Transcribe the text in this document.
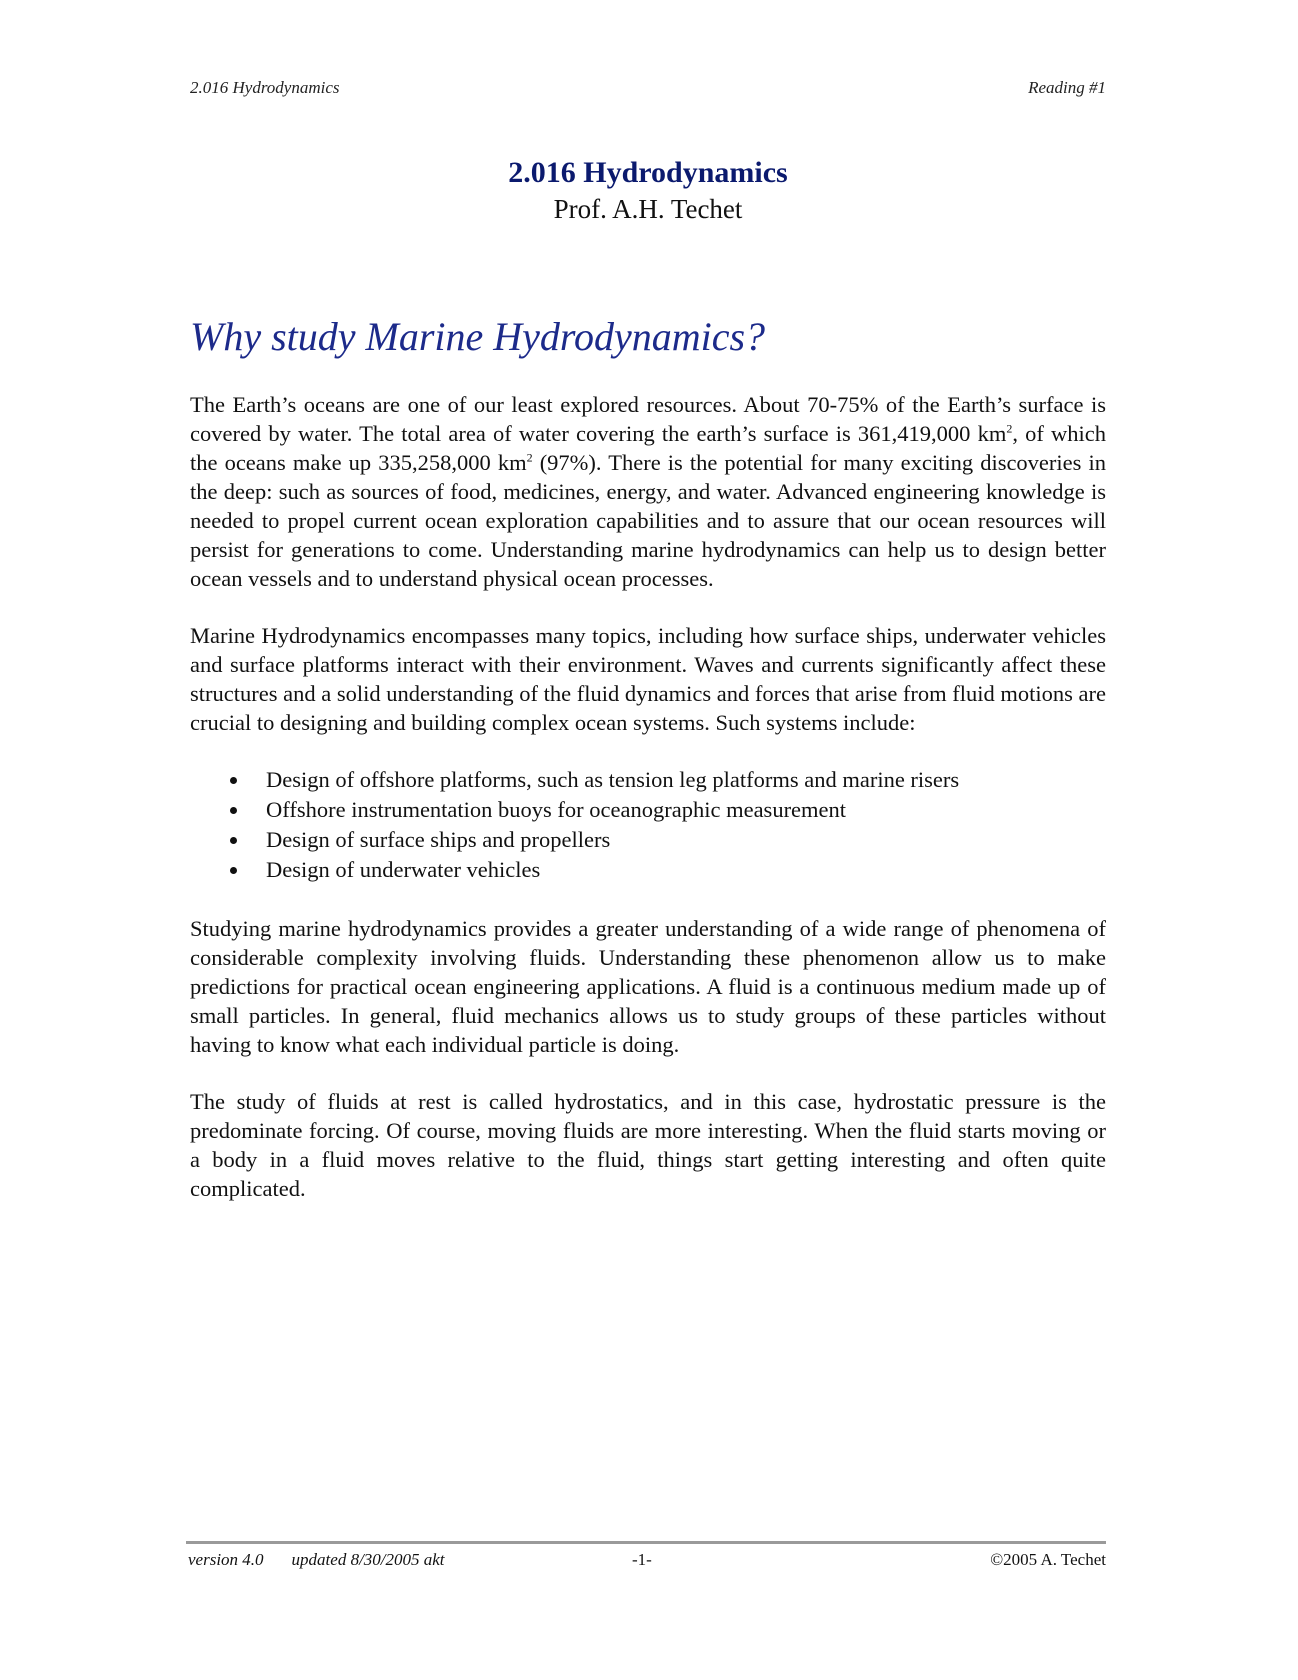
2.016 Hydrodynamics	Reading #1
2.016 Hydrodynamics
Prof. A.H. Techet
Why study Marine Hydrodynamics?

The Earth’s oceans are one of our least explored resources. About 70-75% of the Earth’s surface is covered by water. The total area of water covering the earth’s surface is 361,419,000 $km^2$, of which the oceans make up 335,258,000 $km^2$ (97%). There is the potential for many exciting discoveries in the deep: such as sources of food, medicines, energy, and water. Advanced engineering knowledge is needed to propel current ocean exploration capabilities and to assure that our ocean resources will persist for generations to come. Understanding marine hydrodynamics can help us to design better ocean vessels and to understand physical ocean processes.

Marine Hydrodynamics encompasses many topics, including how surface ships, underwater vehicles and surface platforms interact with their environment. Waves and currents significantly affect these structures and a solid understanding of the fluid dynamics and forces that arise from fluid motions are crucial to designing and building complex ocean systems. Such systems include:

Design of offshore platforms, such as tension leg platforms and marine risers
Offshore instrumentation buoys for oceanographic measurement
Design of surface ships and propellers
Design of underwater vehicles

Studying marine hydrodynamics provides a greater understanding of a wide range of phenomena of considerable complexity involving fluids. Understanding these phenomenon allow us to make predictions for practical ocean engineering applications. A fluid is a continuous medium made up of small particles. In general, fluid mechanics allows us to study groups of these particles without having to know what each individual particle is doing.

The study of fluids at rest is called hydrostatics, and in this case, hydrostatic pressure is the predominate forcing. Of course, moving fluids are more interesting. When the fluid starts moving or a body in a fluid moves relative to the fluid, things start getting interesting and often quite complicated.

version 4.0 updated 8/30/2005 akt	-1-	©2005 A. Techet
